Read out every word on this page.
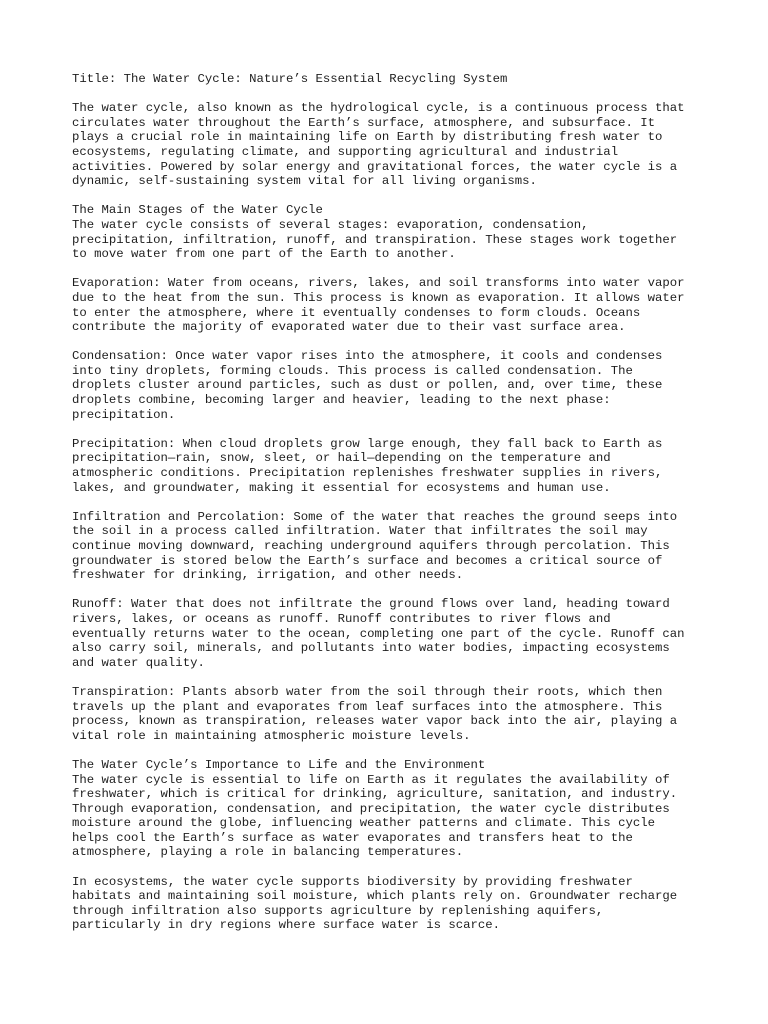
Title: The Water Cycle: Nature’s Essential Recycling System
The water cycle, also known as the hydrological cycle, is a continuous process that
circulates water throughout the Earth’s surface, atmosphere, and subsurface. It
plays a crucial role in maintaining life on Earth by distributing fresh water to
ecosystems, regulating climate, and supporting agricultural and industrial
activities. Powered by solar energy and gravitational forces, the water cycle is a
dynamic, self-sustaining system vital for all living organisms.
The Main Stages of the Water Cycle
The water cycle consists of several stages: evaporation, condensation,
precipitation, infiltration, runoff, and transpiration. These stages work together
to move water from one part of the Earth to another.
Evaporation: Water from oceans, rivers, lakes, and soil transforms into water vapor
due to the heat from the sun. This process is known as evaporation. It allows water
to enter the atmosphere, where it eventually condenses to form clouds. Oceans
contribute the majority of evaporated water due to their vast surface area.
Condensation: Once water vapor rises into the atmosphere, it cools and condenses
into tiny droplets, forming clouds. This process is called condensation. The
droplets cluster around particles, such as dust or pollen, and, over time, these
droplets combine, becoming larger and heavier, leading to the next phase:
precipitation.
Precipitation: When cloud droplets grow large enough, they fall back to Earth as
precipitation—rain, snow, sleet, or hail—depending on the temperature and
atmospheric conditions. Precipitation replenishes freshwater supplies in rivers,
lakes, and groundwater, making it essential for ecosystems and human use.
Infiltration and Percolation: Some of the water that reaches the ground seeps into
the soil in a process called infiltration. Water that infiltrates the soil may
continue moving downward, reaching underground aquifers through percolation. This
groundwater is stored below the Earth’s surface and becomes a critical source of
freshwater for drinking, irrigation, and other needs.
Runoff: Water that does not infiltrate the ground flows over land, heading toward
rivers, lakes, or oceans as runoff. Runoff contributes to river flows and
eventually returns water to the ocean, completing one part of the cycle. Runoff can
also carry soil, minerals, and pollutants into water bodies, impacting ecosystems
and water quality.
Transpiration: Plants absorb water from the soil through their roots, which then
travels up the plant and evaporates from leaf surfaces into the atmosphere. This
process, known as transpiration, releases water vapor back into the air, playing a
vital role in maintaining atmospheric moisture levels.
The Water Cycle’s Importance to Life and the Environment
The water cycle is essential to life on Earth as it regulates the availability of
freshwater, which is critical for drinking, agriculture, sanitation, and industry.
Through evaporation, condensation, and precipitation, the water cycle distributes
moisture around the globe, influencing weather patterns and climate. This cycle
helps cool the Earth’s surface as water evaporates and transfers heat to the
atmosphere, playing a role in balancing temperatures.
In ecosystems, the water cycle supports biodiversity by providing freshwater
habitats and maintaining soil moisture, which plants rely on. Groundwater recharge
through infiltration also supports agriculture by replenishing aquifers,
particularly in dry regions where surface water is scarce.
